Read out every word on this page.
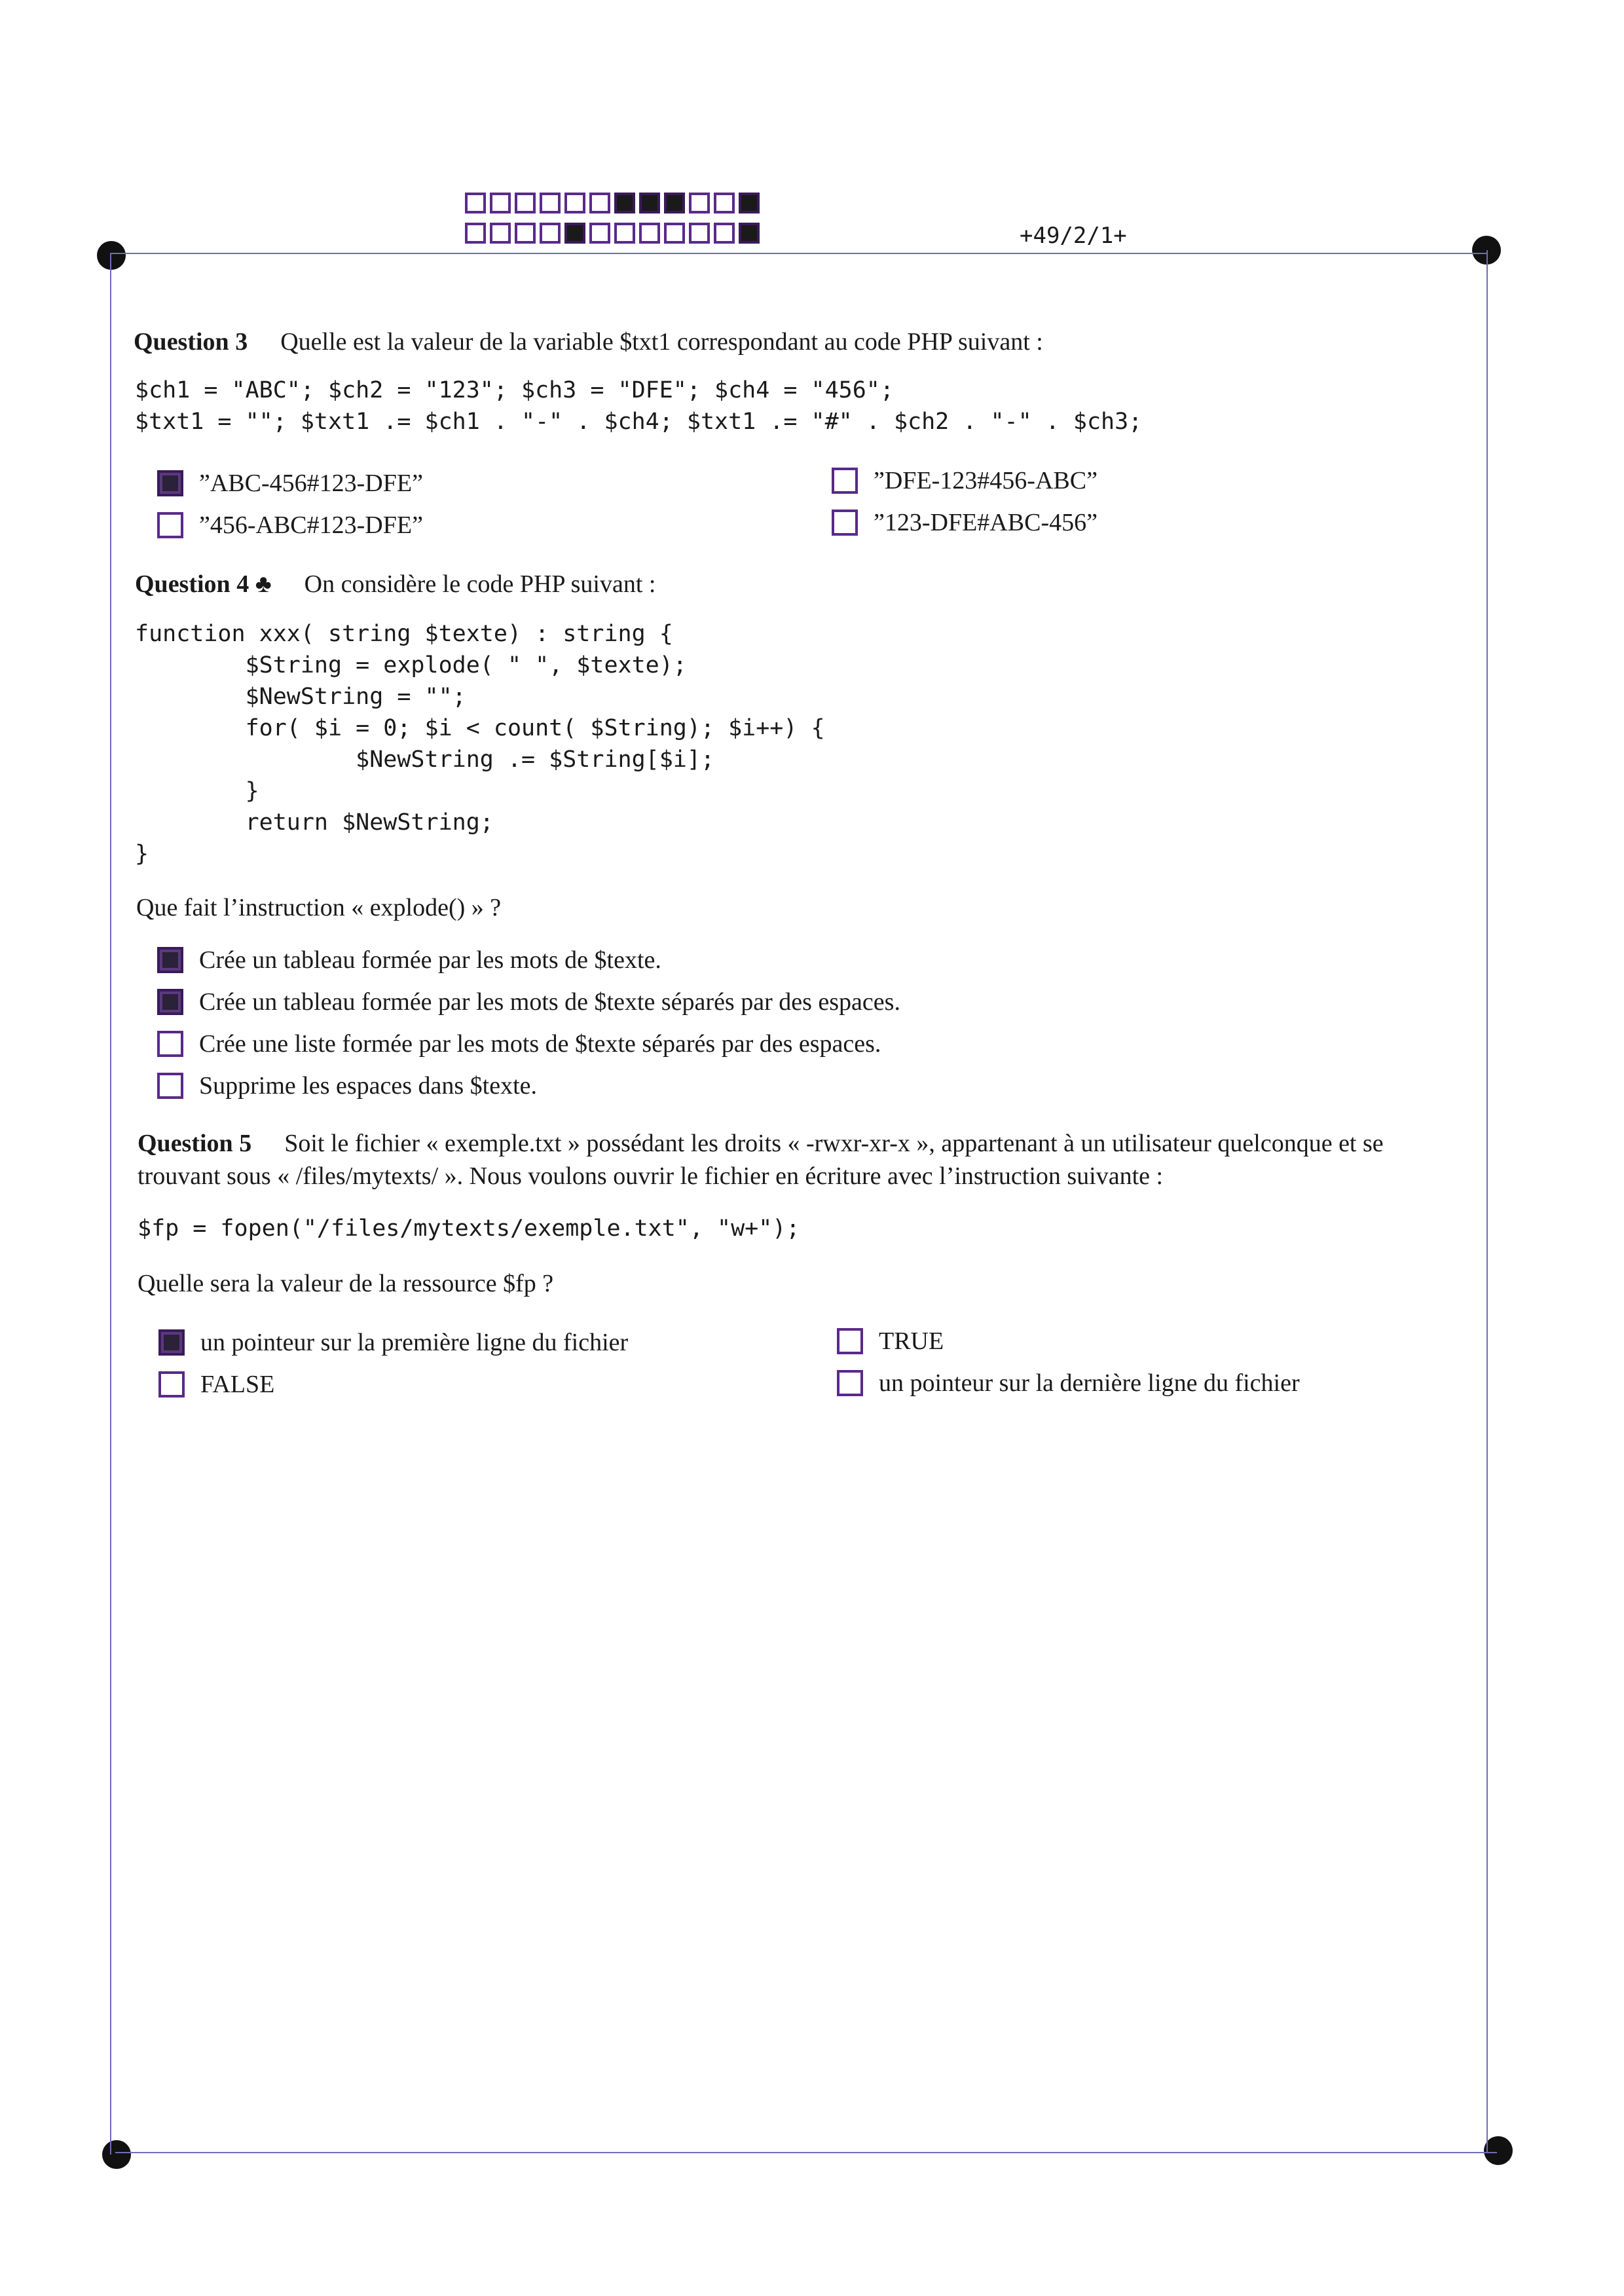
+49/2/1+
Question 3 Quelle est la valeur de la variable $txt1 correspondant au code PHP suivant :
$ch1 = "ABC"; $ch2 = "123"; $ch3 = "DFE"; $ch4 = "456";
$txt1 = ""; $txt1 .= $ch1 . "-" . $ch4; $txt1 .= "#" . $ch2 . "-" . $ch3;
”ABC-456#123-DFE”	”DFE-123#456-ABC”
”456-ABC#123-DFE”	”123-DFE#ABC-456”
Question 4 ♣ On considère le code PHP suivant :
function xxx( string $texte) : string {
$String = explode( " ", $texte);
$NewString = "";
for( $i = 0; $i < count( $String); $i++) {
$NewString .= $String[$i];
}
return $NewString;
}
Que fait l’instruction « explode() » ?
Crée un tableau formée par les mots de $texte.
Crée un tableau formée par les mots de $texte séparés par des espaces.
Crée une liste formée par les mots de $texte séparés par des espaces.
Supprime les espaces dans $texte.
Question 5 Soit le fichier « exemple.txt » possédant les droits « -rwxr-xr-x », appartenant à un utilisateur quelconque et se
trouvant sous « /files/mytexts/ ». Nous voulons ouvrir le fichier en écriture avec l’instruction suivante :
$fp = fopen("/files/mytexts/exemple.txt", "w+");
Quelle sera la valeur de la ressource $fp ?
un pointeur sur la première ligne du fichier	TRUE
FALSE	un pointeur sur la dernière ligne du fichier
